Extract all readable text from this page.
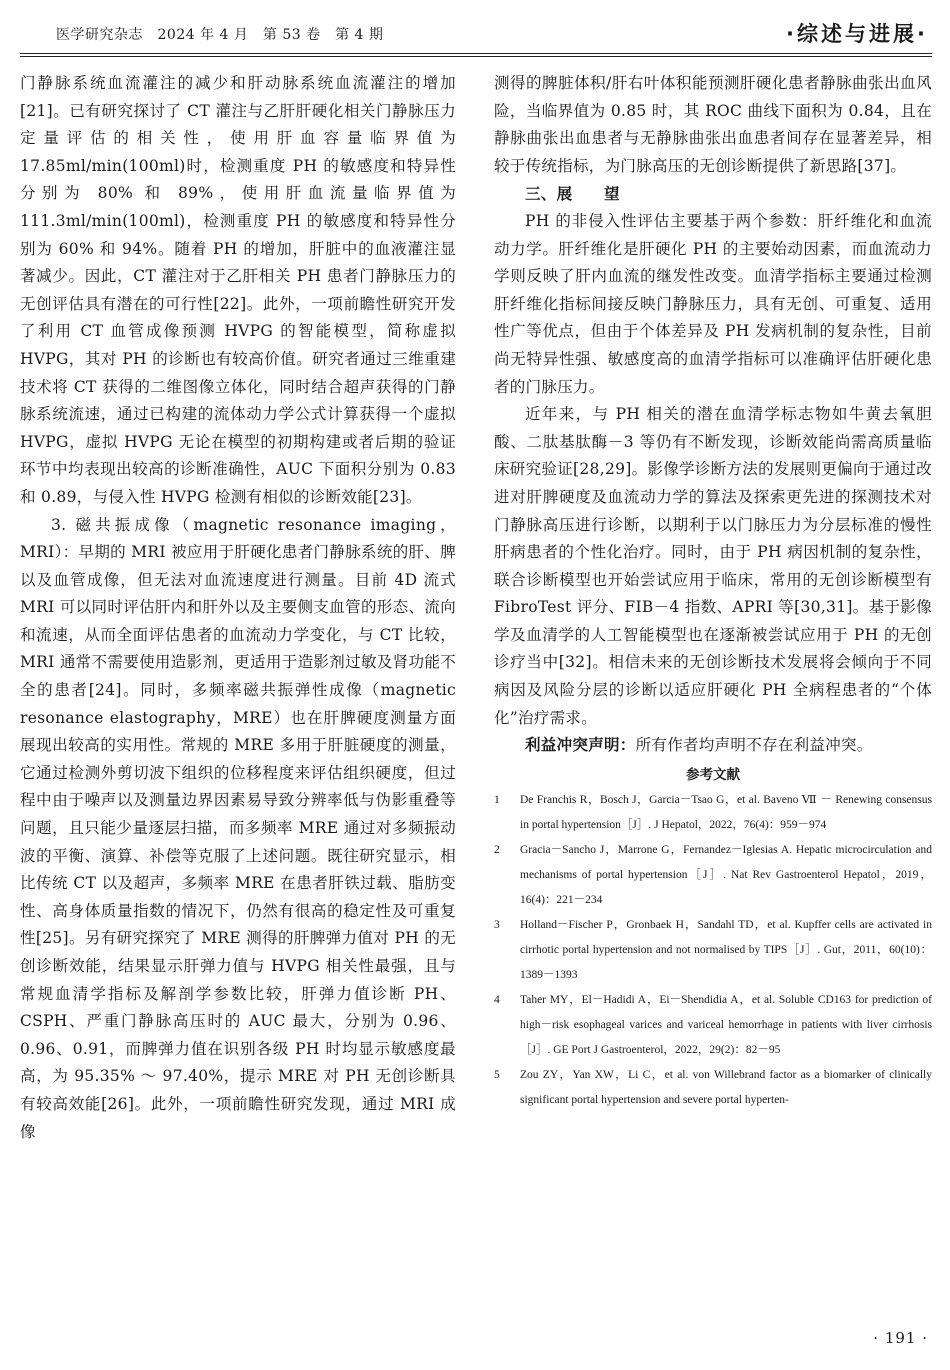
医学研究杂志　2024 年 4 月　第 53 卷　第 4 期	·综述与进展·

门静脉系统血流灌注的减少和肝动脉系统血流灌注的增加[21]。已有研究探讨了 CT 灌注与乙肝肝硬化相关门静脉压力定量评估的相关性，使用肝血容量临界值为 17.85ml/min(100ml)时，检测重度 PH 的敏感度和特异性分别为 80% 和 89%，使用肝血流量临界值为 111.3ml/min(100ml)，检测重度 PH 的敏感度和特异性分别为 60% 和 94%。随着 PH 的增加，肝脏中的血液灌注显著减少。因此，CT 灌注对于乙肝相关 PH 患者门静脉压力的无创评估具有潜在的可行性[22]。此外，一项前瞻性研究开发了利用 CT 血管成像预测 HVPG 的智能模型，简称虚拟 HVPG，其对 PH 的诊断也有较高价值。研究者通过三维重建技术将 CT 获得的二维图像立体化，同时结合超声获得的门静脉系统流速，通过已构建的流体动力学公式计算获得一个虚拟 HVPG，虚拟 HVPG 无论在模型的初期构建或者后期的验证环节中均表现出较高的诊断准确性，AUC 下面积分别为 0.83 和 0.89，与侵入性 HVPG 检测有相似的诊断效能[23]。

3. 磁共振成像（magnetic resonance imaging，MRI）：早期的 MRI 被应用于肝硬化患者门静脉系统的肝、脾以及血管成像，但无法对血流速度进行测量。目前 4D 流式 MRI 可以同时评估肝内和肝外以及主要侧支血管的形态、流向和流速，从而全面评估患者的血流动力学变化，与 CT 比较，MRI 通常不需要使用造影剂，更适用于造影剂过敏及肾功能不全的患者[24]。同时，多频率磁共振弹性成像（magnetic resonance elastography，MRE）也在肝脾硬度测量方面展现出较高的实用性。常规的 MRE 多用于肝脏硬度的测量，它通过检测外剪切波下组织的位移程度来评估组织硬度，但过程中由于噪声以及测量边界因素易导致分辨率低与伪影重叠等问题，且只能少量逐层扫描，而多频率 MRE 通过对多频振动波的平衡、演算、补偿等克服了上述问题。既往研究显示，相比传统 CT 以及超声，多频率 MRE 在患者肝铁过载、脂肪变性、高身体质量指数的情况下，仍然有很高的稳定性及可重复性[25]。另有研究探究了 MRE 测得的肝脾弹力值对 PH 的无创诊断效能，结果显示肝弹力值与 HVPG 相关性最强，且与常规血清学指标及解剖学参数比较，肝弹力值诊断 PH、CSPH、严重门静脉高压时的 AUC 最大，分别为 0.96、0.96、0.91，而脾弹力值在识别各级 PH 时均显示敏感度最高，为 95.35% ～ 97.40%，提示 MRE 对 PH 无创诊断具有较高效能[26]。此外，一项前瞻性研究发现，通过 MRI 成像

测得的脾脏体积/肝右叶体积能预测肝硬化患者静脉曲张出血风险，当临界值为 0.85 时，其 ROC 曲线下面积为 0.84，且在静脉曲张出血患者与无静脉曲张出血患者间存在显著差异，相较于传统指标，为门脉高压的无创诊断提供了新思路[37]。

三、展　　望

PH 的非侵入性评估主要基于两个参数：肝纤维化和血流动力学。肝纤维化是肝硬化 PH 的主要始动因素，而血流动力学则反映了肝内血流的继发性改变。血清学指标主要通过检测肝纤维化指标间接反映门静脉压力，具有无创、可重复、适用性广等优点，但由于个体差异及 PH 发病机制的复杂性，目前尚无特异性强、敏感度高的血清学指标可以准确评估肝硬化患者的门脉压力。

近年来，与 PH 相关的潜在血清学标志物如牛黄去氧胆酸、二肽基肽酶－3 等仍有不断发现，诊断效能尚需高质量临床研究验证[28,29]。影像学诊断方法的发展则更偏向于通过改进对肝脾硬度及血流动力学的算法及探索更先进的探测技术对门静脉高压进行诊断，以期利于以门脉压力为分层标准的慢性肝病患者的个性化治疗。同时，由于 PH 病因机制的复杂性，联合诊断模型也开始尝试应用于临床，常用的无创诊断模型有 FibroTest 评分、FIB－4 指数、APRI 等[30,31]。基于影像学及血清学的人工智能模型也在逐渐被尝试应用于 PH 的无创诊疗当中[32]。相信未来的无创诊断技术发展将会倾向于不同病因及风险分层的诊断以适应肝硬化 PH 全病程患者的“个体化”治疗需求。

利益冲突声明：所有作者均声明不存在利益冲突。

参考文献
1	De Franchis R，Bosch J，Garcia－Tsao G，et al. Baveno Ⅶ － Renewing consensus in portal hypertension［J］. J Hepatol，2022，76(4)：959－974
2	Gracia－Sancho J，Marrone G，Fernandez－Iglesias A. Hepatic microcirculation and mechanisms of portal hypertension［J］. Nat Rev Gastroenterol Hepatol，2019，16(4)：221－234
3	Holland－Fischer P，Gronbaek H，Sandahl TD，et al. Kupffer cells are activated in cirrhotic portal hypertension and not normalised by TIPS［J］. Gut，2011，60(10)：1389－1393
4	Taher MY，El－Hadidi A，Ei－Shendidia A，et al. Soluble CD163 for prediction of high－risk esophageal varices and variceal hemorrhage in patients with liver cirrhosis［J］. GE Port J Gastroenterol，2022，29(2)：82－95
5	Zou ZY，Yan XW，Li C，et al. von Willebrand factor as a biomarker of clinically significant portal hypertension and severe portal hyperten-
· 191 ·
